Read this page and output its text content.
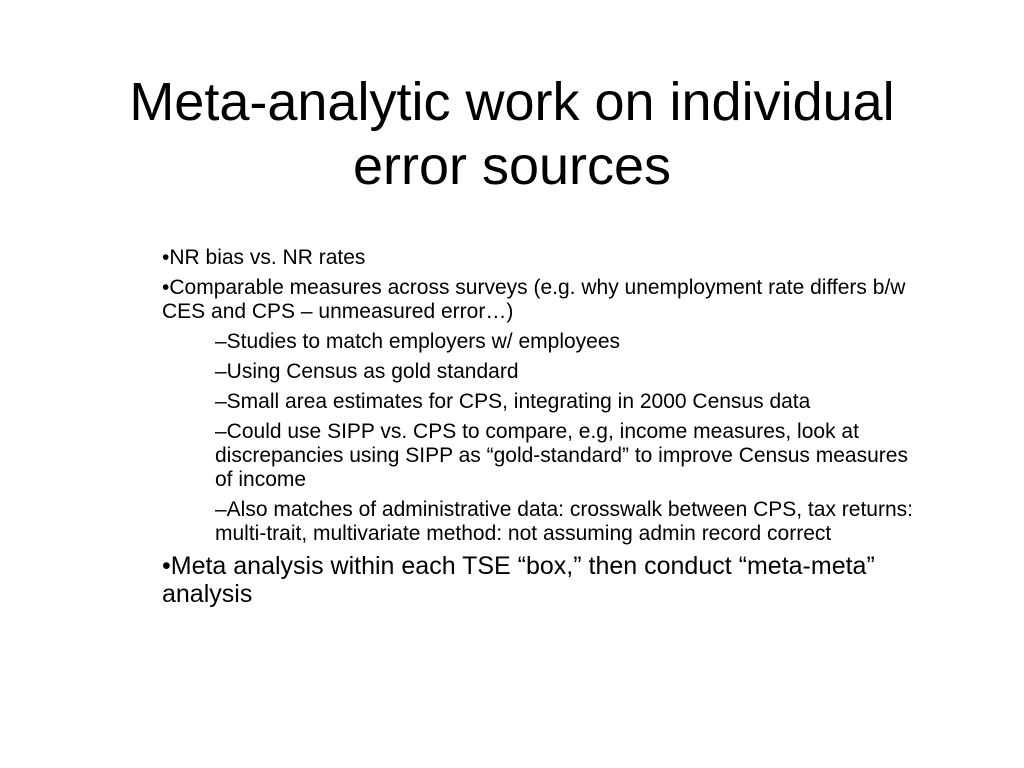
Meta-analytic work on individual
error sources
•NR bias vs. NR rates
•Comparable measures across surveys (e.g. why unemployment rate differs b/w CES and CPS – unmeasured error…)
–Studies to match employers w/ employees
–Using Census as gold standard
–Small area estimates for CPS, integrating in 2000 Census data
–Could use SIPP vs. CPS to compare, e.g, income measures, look at discrepancies using SIPP as “gold-standard” to improve Census measures of income
–Also matches of administrative data: crosswalk between CPS, tax returns: multi-trait, multivariate method: not assuming admin record correct
•Meta analysis within each TSE “box,” then conduct “meta-meta” analysis
